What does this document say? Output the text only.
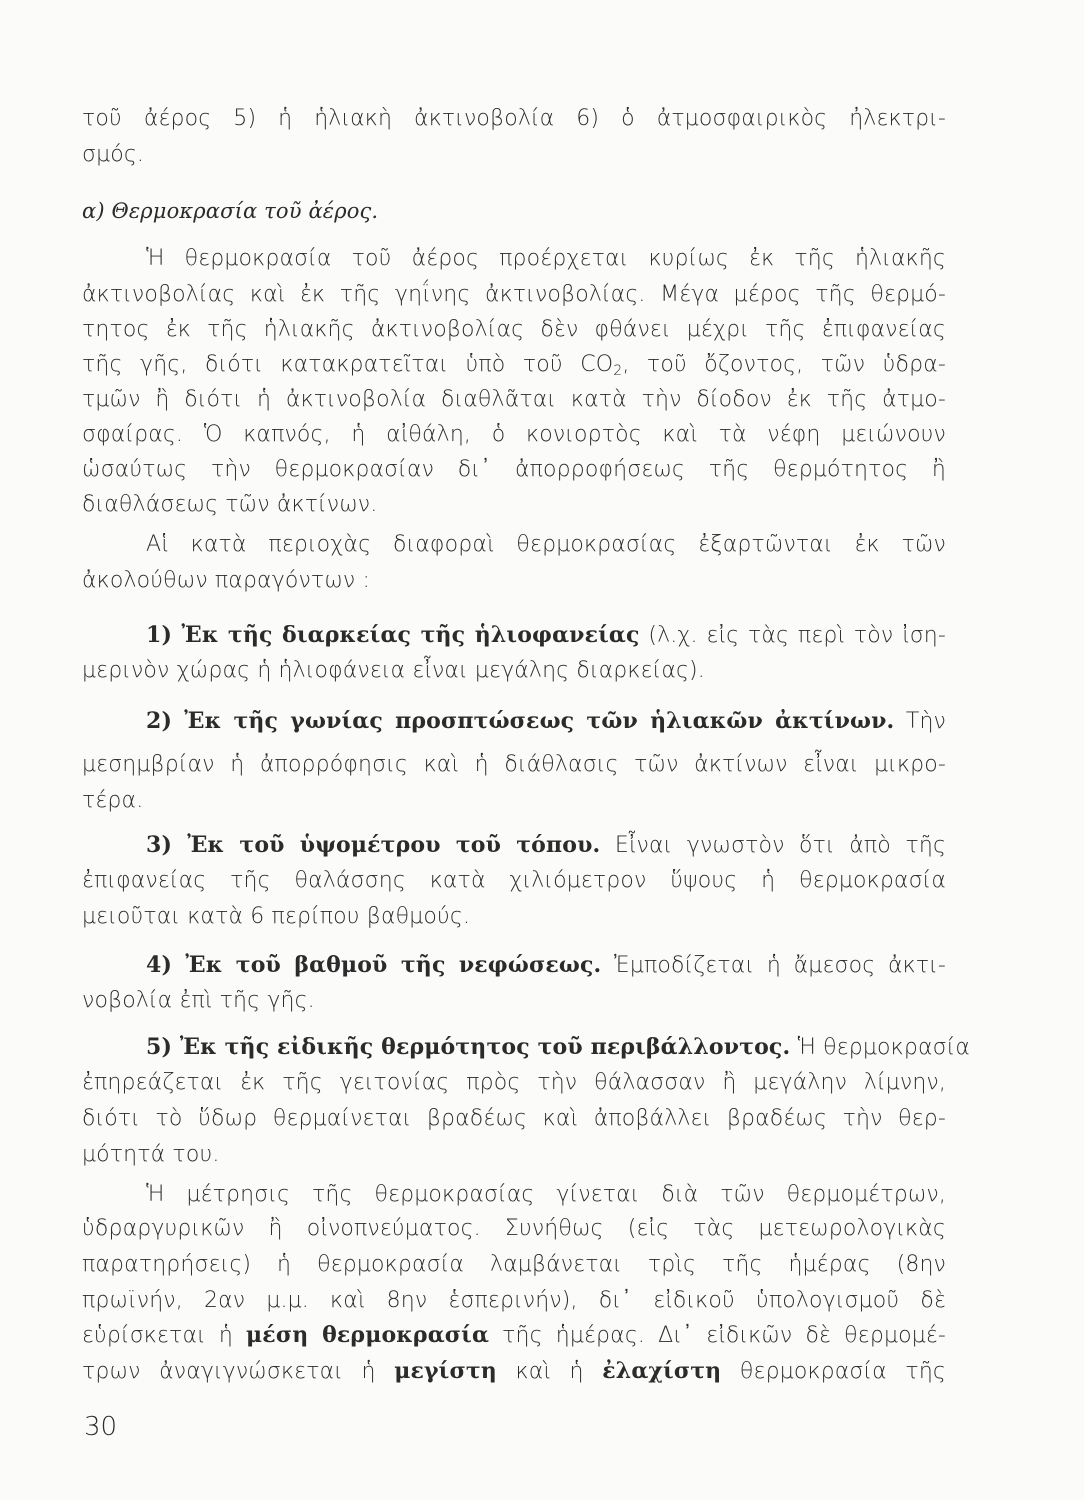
τοῦ ἀέρος 5) ἡ ἡλιακὴ ἀκτινοβολία 6) ὁ ἀτμοσφαιρικὸς ἠλεκτρι-
σμός.
α) Θερμοκρασία τοῦ ἀέρος.
Ἡ θερμοκρασία τοῦ ἀέρος προέρχεται κυρίως ἐκ τῆς ἡλιακῆς
ἀκτινοβολίας καὶ ἐκ τῆς γηΐνης ἀκτινοβολίας. Μέγα μέρος τῆς θερμό-
τητος ἐκ τῆς ἡλιακῆς ἀκτινοβολίας δὲν φθάνει μέχρι τῆς ἐπιφανείας
τῆς γῆς, διότι κατακρατεῖται ὑπὸ τοῦ $CO_2$, τοῦ ὄζοντος, τῶν ὑδρα-
τμῶν ἢ διότι ἡ ἀκτινοβολία διαθλᾶται κατὰ τὴν δίοδον ἐκ τῆς ἀτμο-
σφαίρας. Ὁ καπνός, ἡ αἰθάλη, ὁ κονιορτὸς καὶ τὰ νέφη μειώνουν
ὡσαύτως τὴν θερμοκρασίαν δι᾽ ἀπορροφήσεως τῆς θερμότητος ἢ
διαθλάσεως τῶν ἀκτίνων.
Αἱ κατὰ περιοχὰς διαφοραὶ θερμοκρασίας ἐξαρτῶνται ἐκ τῶν
ἀκολούθων παραγόντων :
1) Ἐκ τῆς διαρκείας τῆς ἡλιοφανείας (λ.χ. εἰς τὰς περὶ τὸν ἰση-
μερινὸν χώρας ἡ ἡλιοφάνεια εἶναι μεγάλης διαρκείας).
2) Ἐκ τῆς γωνίας προσπτώσεως τῶν ἡλιακῶν ἀκτίνων. Τὴν
μεσημβρίαν ἡ ἀπορρόφησις καὶ ἡ διάθλασις τῶν ἀκτίνων εἶναι μικρο-
τέρα.
3) Ἐκ τοῦ ὑψομέτρου τοῦ τόπου. Εἶναι γνωστὸν ὅτι ἀπὸ τῆς
ἐπιφανείας τῆς θαλάσσης κατὰ χιλιόμετρον ὕψους ἡ θερμοκρασία
μειοῦται κατὰ 6 περίπου βαθμούς.
4) Ἐκ τοῦ βαθμοῦ τῆς νεφώσεως. Ἐμποδίζεται ἡ ἄμεσος ἀκτι-
νοβολία ἐπὶ τῆς γῆς.
5) Ἐκ τῆς εἰδικῆς θερμότητος τοῦ περιβάλλοντος. Ἡ θερμοκρασία
ἐπηρεάζεται ἐκ τῆς γειτονίας πρὸς τὴν θάλασσαν ἢ μεγάλην λίμνην,
διότι τὸ ὕδωρ θερμαίνεται βραδέως καὶ ἀποβάλλει βραδέως τὴν θερ-
μότητά του.
Ἡ μέτρησις τῆς θερμοκρασίας γίνεται διὰ τῶν θερμομέτρων,
ὑδραργυρικῶν ἢ οἰνοπνεύματος. Συνήθως (εἰς τὰς μετεωρολογικὰς
παρατηρήσεις) ἡ θερμοκρασία λαμβάνεται τρὶς τῆς ἡμέρας (8ην
πρωϊνήν, 2αν μ.μ. καὶ 8ην ἑσπερινήν), δι᾽ εἰδικοῦ ὑπολογισμοῦ δὲ
εὑρίσκεται ἡ μέση θερμοκρασία τῆς ἡμέρας. Δι᾽ εἰδικῶν δὲ θερμομέ-
τρων ἀναγιγνώσκεται ἡ μεγίστη καὶ ἡ ἐλαχίστη θερμοκρασία τῆς
30
